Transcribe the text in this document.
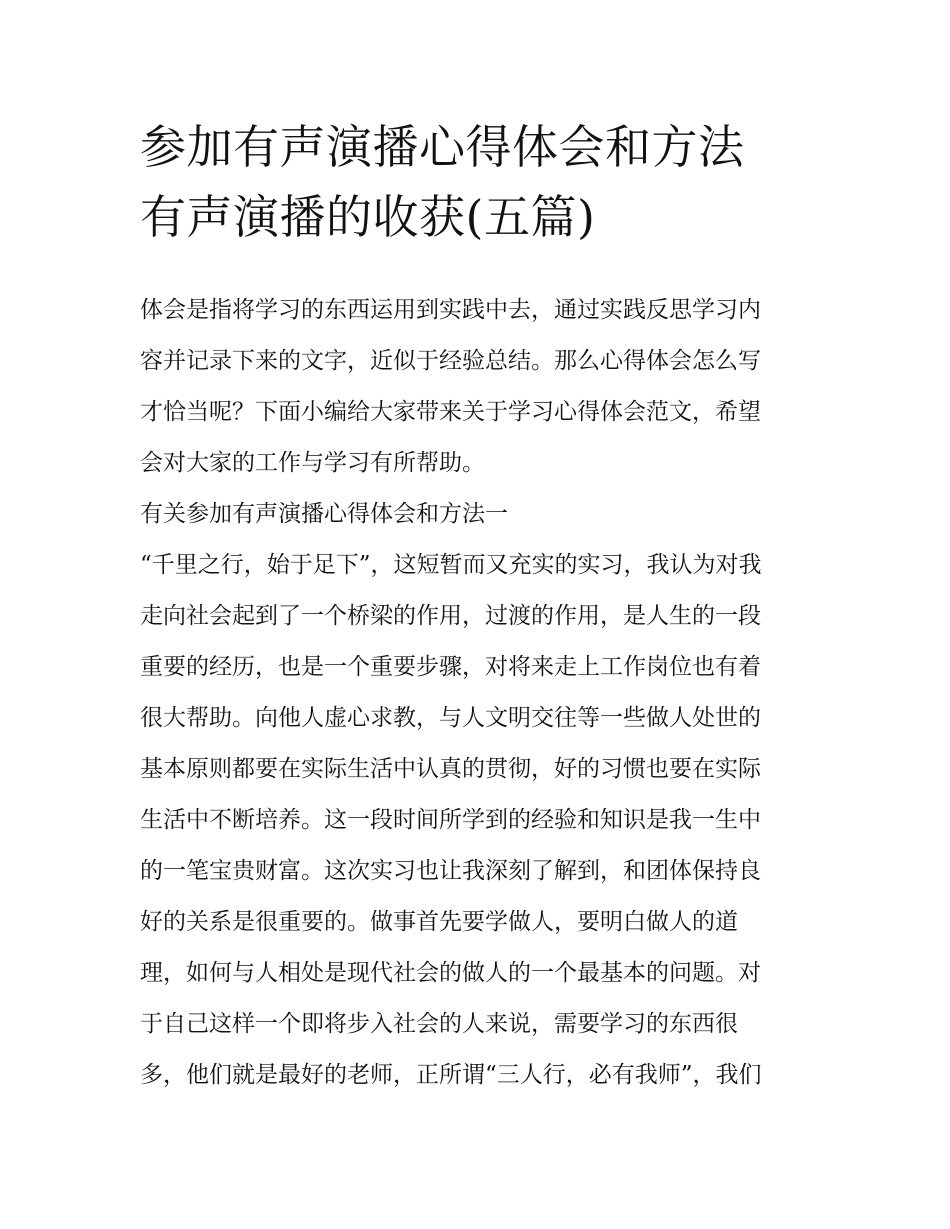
参加有声演播心得体会和方法
有声演播的收获(五篇)
体会是指将学习的东西运用到实践中去，通过实践反思学习内
容并记录下来的文字，近似于经验总结。那么心得体会怎么写
才恰当呢？下面小编给大家带来关于学习心得体会范文，希望
会对大家的工作与学习有所帮助。
有关参加有声演播心得体会和方法一
“千里之行，始于足下”，这短暂而又充实的实习，我认为对我
走向社会起到了一个桥梁的作用，过渡的作用，是人生的一段
重要的经历，也是一个重要步骤，对将来走上工作岗位也有着
很大帮助。向他人虚心求教，与人文明交往等一些做人处世的
基本原则都要在实际生活中认真的贯彻，好的习惯也要在实际
生活中不断培养。这一段时间所学到的经验和知识是我一生中
的一笔宝贵财富。这次实习也让我深刻了解到，和团体保持良
好的关系是很重要的。做事首先要学做人，要明白做人的道
理，如何与人相处是现代社会的做人的一个最基本的问题。对
于自己这样一个即将步入社会的人来说，需要学习的东西很
多，他们就是最好的老师，正所谓“三人行，必有我师”，我们
